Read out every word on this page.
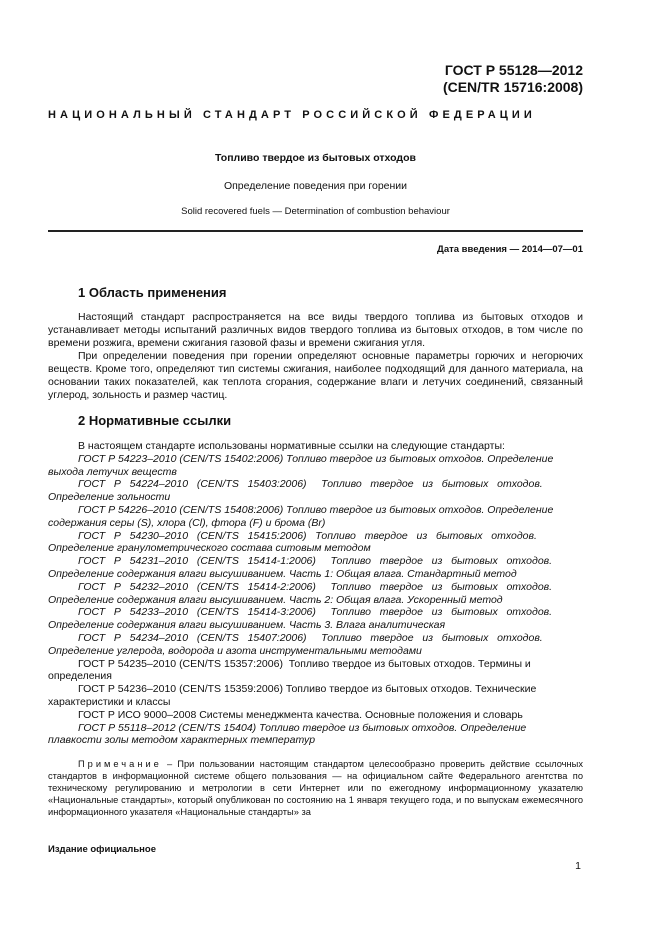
ГОСТ Р 55128—2012
(CEN/TR 15716:2008)
НАЦИОНАЛЬНЫЙ СТАНДАРТ РОССИЙСКОЙ ФЕДЕРАЦИИ
Топливо твердое из бытовых отходов
Определение поведения при горении
Solid recovered fuels — Determination of combustion behaviour
Дата введения — 2014—07—01
1 Область применения
Настоящий стандарт распространяется на все виды твердого топлива из бытовых отходов и устанавливает методы испытаний различных видов твердого топлива из бытовых отходов, в том числе по времени розжига, времени сжигания газовой фазы и времени сжигания угля.
При определении поведения при горении определяют основные параметры горючих и негорючих веществ. Кроме того, определяют тип системы сжигания, наиболее подходящий для данного материала, на основании таких показателей, как теплота сгорания, содержание влаги и летучих соединений, связанный углерод, зольность и размер частиц.
2 Нормативные ссылки
В настоящем стандарте использованы нормативные ссылки на следующие стандарты:
ГОСТ Р 54223–2010 (CEN/TS 15402:2006) Топливо твердое из бытовых отходов. Определение
выхода летучих веществ
ГОСТ   Р   54224–2010   (CEN/TS   15403:2006)     Топливо   твердое   из   бытовых   отходов.
Определение зольности
ГОСТ Р 54226–2010 (CEN/TS 15408:2006) Топливо твердое из бытовых отходов. Определение
содержания серы (S), хлора (Cl), фтора (F) и брома (Br)
ГОСТ   Р   54230–2010   (CEN/TS   15415:2006)   Топливо   твердое   из   бытовых   отходов.
Определение гранулометрического состава ситовым методом
ГОСТ   Р   54231–2010   (CEN/TS   15414-1:2006)     Топливо   твердое   из   бытовых   отходов.
Определение содержания влаги высушиванием. Часть 1: Общая влага. Стандартный метод
ГОСТ   Р   54232–2010   (CEN/TS   15414-2:2006)     Топливо   твердое   из   бытовых   отходов.
Определение содержания влаги высушиванием. Часть 2: Общая влага. Ускоренный метод
ГОСТ   Р   54233–2010   (CEN/TS   15414-3:2006)     Топливо   твердое   из   бытовых   отходов.
Определение содержания влаги высушиванием. Часть 3. Влага аналитическая
ГОСТ   Р   54234–2010   (CEN/TS   15407:2006)     Топливо   твердое   из   бытовых   отходов.
Определение углерода, водорода и азота инструментальными методами
ГОСТ Р 54235–2010 (CEN/TS 15357:2006)  Топливо твердое из бытовых отходов. Термины и
определения
ГОСТ Р 54236–2010 (CEN/TS 15359:2006) Топливо твердое из бытовых отходов. Технические
характеристики и классы
ГОСТ Р ИСО 9000–2008 Системы менеджмента качества. Основные положения и словарь
ГОСТ Р 55118–2012 (CEN/TS 15404) Топливо твердое из бытовых отходов. Определение
плавкости золы методом характерных температур
Примечание – При пользовании настоящим стандартом целесообразно проверить действие ссылочных стандартов в информационной системе общего пользования — на официальном сайте Федерального агентства по техническому регулированию и метрологии в сети Интернет или по ежегодному информационному указателю «Национальные стандарты», который опубликован по состоянию на 1 января текущего года, и по выпускам ежемесячного информационного указателя «Национальные стандарты» за
Издание официальное
1
